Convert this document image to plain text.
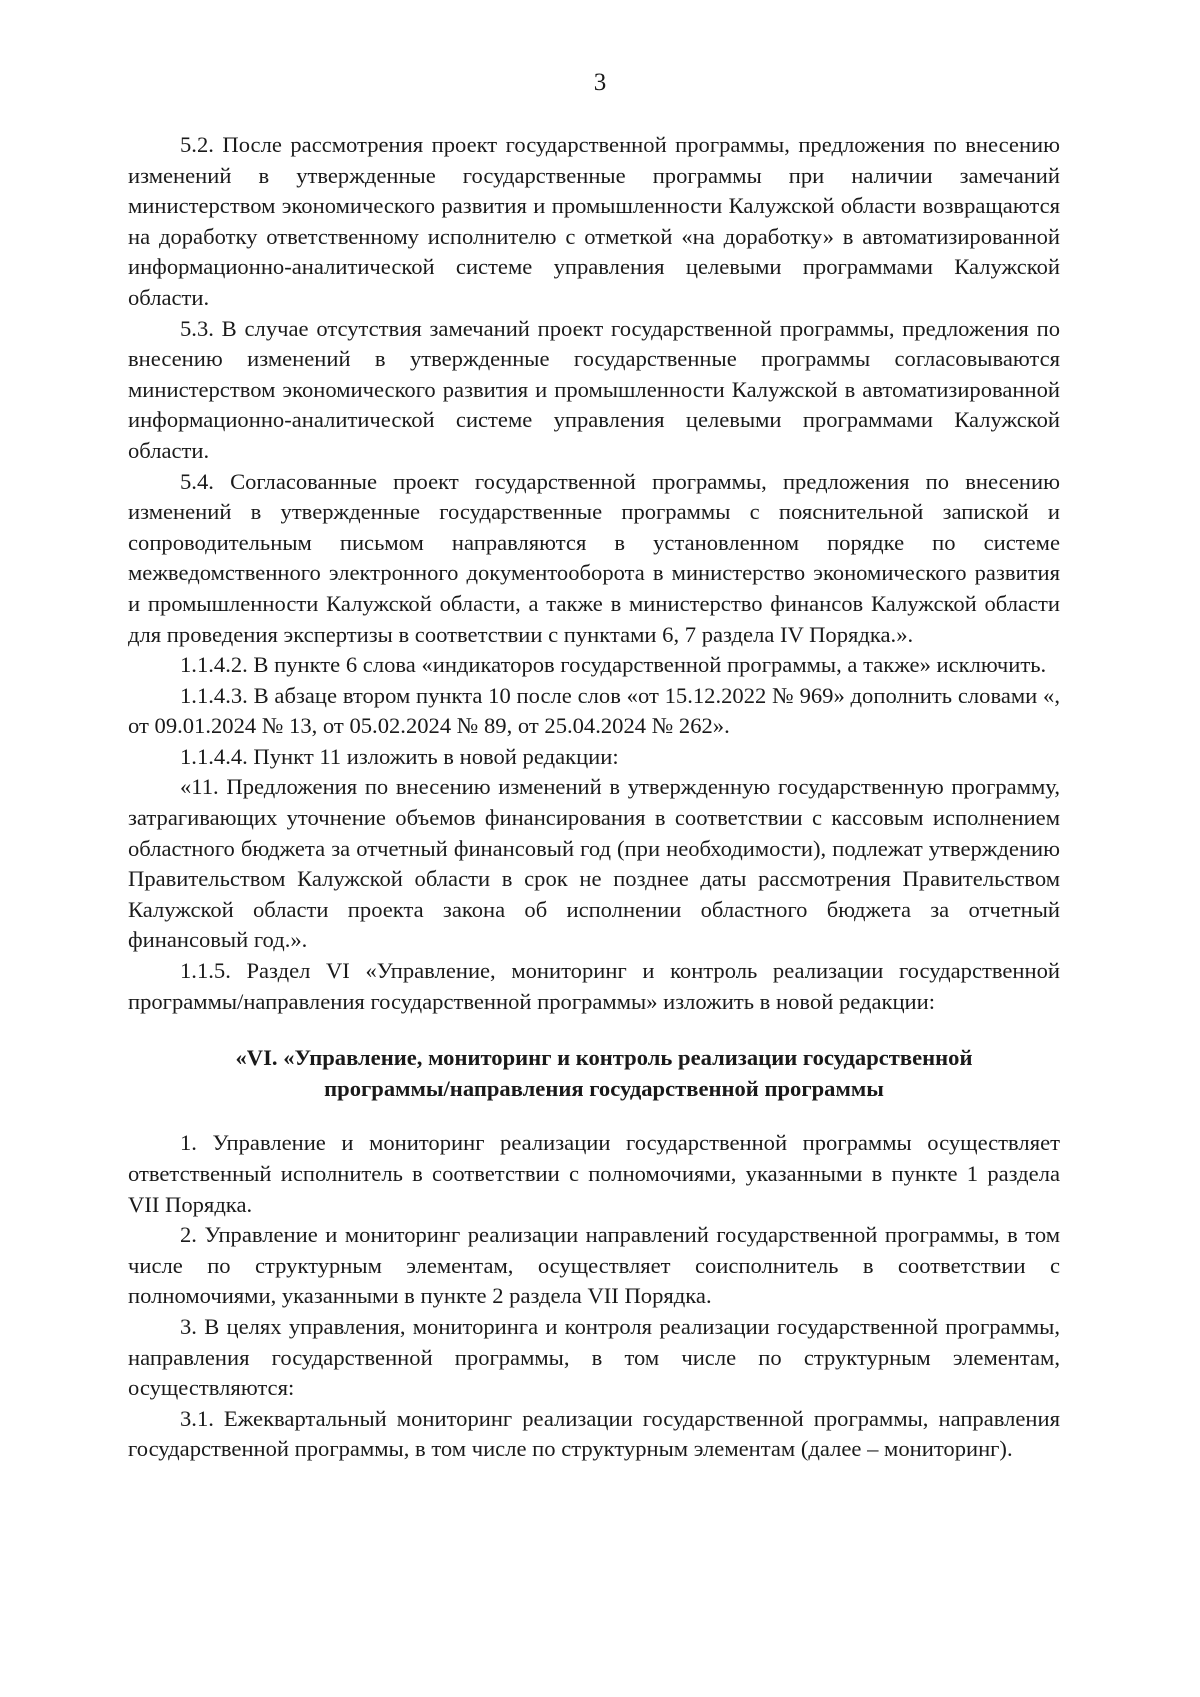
3

5.2. После рассмотрения проект государственной программы, предложения по внесению изменений в утвержденные государственные программы при наличии замечаний министерством экономического развития и промышленности Калужской области возвращаются на доработку ответственному исполнителю с отметкой «на доработку» в автоматизированной информационно-аналитической системе управления целевыми программами Калужской области.

5.3. В случае отсутствия замечаний проект государственной программы, предложения по внесению изменений в утвержденные государственные программы согласовываются министерством экономического развития и промышленности Калужской в автоматизированной информационно-аналитической системе управления целевыми программами Калужской области.

5.4. Согласованные проект государственной программы, предложения по внесению изменений в утвержденные государственные программы с пояснительной запиской и сопроводительным письмом направляются в установленном порядке по системе межведомственного электронного документооборота в министерство экономического развития и промышленности Калужской области, а также в министерство финансов Калужской области для проведения экспертизы в соответствии с пунктами 6, 7 раздела IV Порядка.».

1.1.4.2. В пункте 6 слова «индикаторов государственной программы, а также» исключить.

1.1.4.3. В абзаце втором пункта 10 после слов «от 15.12.2022 № 969» дополнить словами «, от 09.01.2024 № 13, от 05.02.2024 № 89, от 25.04.2024 № 262».

1.1.4.4. Пункт 11 изложить в новой редакции:

«11. Предложения по внесению изменений в утвержденную государственную программу, затрагивающих уточнение объемов финансирования в соответствии с кассовым исполнением областного бюджета за отчетный финансовый год (при необходимости), подлежат утверждению Правительством Калужской области в срок не позднее даты рассмотрения Правительством Калужской области проекта закона об исполнении областного бюджета за отчетный финансовый год.».

1.1.5. Раздел VI «Управление, мониторинг и контроль реализации государственной программы/направления государственной программы» изложить в новой редакции:

«VI. «Управление, мониторинг и контроль реализации государственной программы/направления государственной программы

1. Управление и мониторинг реализации государственной программы осуществляет ответственный исполнитель в соответствии с полномочиями, указанными в пункте 1 раздела VII Порядка.

2. Управление и мониторинг реализации направлений государственной программы, в том числе по структурным элементам, осуществляет соисполнитель в соответствии с полномочиями, указанными в пункте 2 раздела VII Порядка.

3. В целях управления, мониторинга и контроля реализации государственной программы, направления государственной программы, в том числе по структурным элементам, осуществляются:

3.1. Ежеквартальный мониторинг реализации государственной программы, направления государственной программы, в том числе по структурным элементам (далее – мониторинг).
